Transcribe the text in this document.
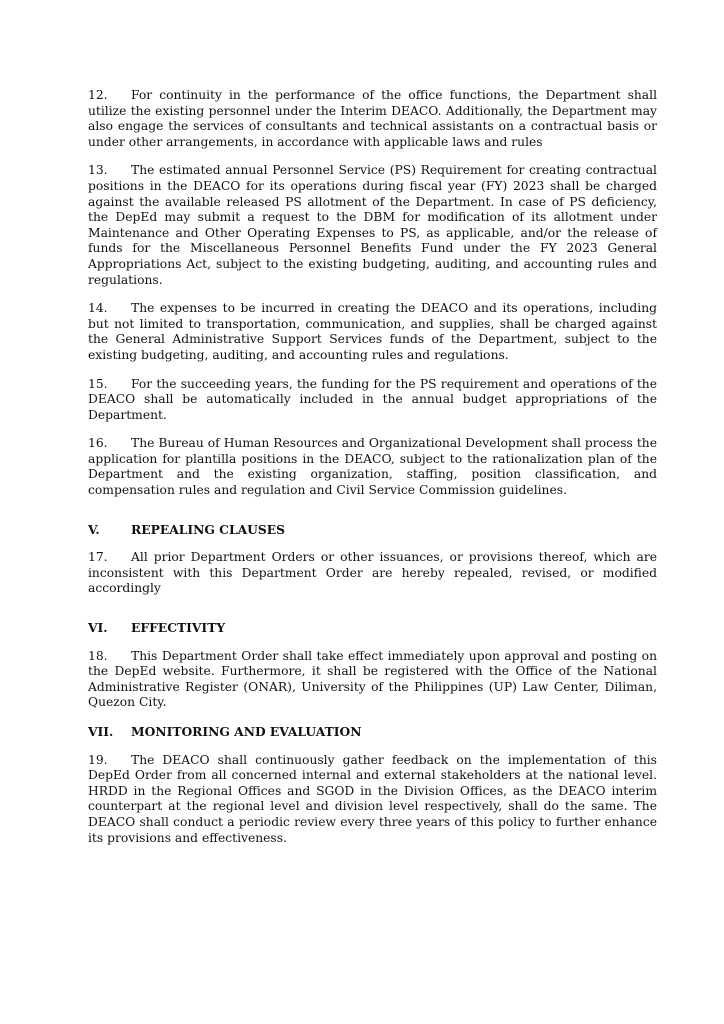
12. For continuity in the performance of the office functions, the Department shall utilize the existing personnel under the Interim DEACO. Additionally, the Department may also engage the services of consultants and technical assistants on a contractual basis or under other arrangements, in accordance with applicable laws and rules

13. The estimated annual Personnel Service (PS) Requirement for creating contractual positions in the DEACO for its operations during fiscal year (FY) 2023 shall be charged against the available released PS allotment of the Department. In case of PS deficiency, the DepEd may submit a request to the DBM for modification of its allotment under Maintenance and Other Operating Expenses to PS, as applicable, and/or the release of funds for the Miscellaneous Personnel Benefits Fund under the FY 2023 General Appropriations Act, subject to the existing budgeting, auditing, and accounting rules and regulations.

14. The expenses to be incurred in creating the DEACO and its operations, including but not limited to transportation, communication, and supplies, shall be charged against the General Administrative Support Services funds of the Department, subject to the existing budgeting, auditing, and accounting rules and regulations.

15. For the succeeding years, the funding for the PS requirement and operations of the DEACO shall be automatically included in the annual budget appropriations of the Department.

16. The Bureau of Human Resources and Organizational Development shall process the application for plantilla positions in the DEACO, subject to the rationalization plan of the Department and the existing organization, staffing, position classification, and compensation rules and regulation and Civil Service Commission guidelines.

V.	REPEALING CLAUSES

17. All prior Department Orders or other issuances, or provisions thereof, which are inconsistent with this Department Order are hereby repealed, revised, or modified accordingly

VI. EFFECTIVITY

18. This Department Order shall take effect immediately upon approval and posting on the DepEd website. Furthermore, it shall be registered with the Office of the National Administrative Register (ONAR), University of the Philippines (UP) Law Center, Diliman, Quezon City.

VII. MONITORING AND EVALUATION

19. The DEACO shall continuously gather feedback on the implementation of this DepEd Order from all concerned internal and external stakeholders at the national level. HRDD in the Regional Offices and SGOD in the Division Offices, as the DEACO interim counterpart at the regional level and division level respectively, shall do the same. The DEACO shall conduct a periodic review every three years of this policy to further enhance its provisions and effectiveness.
